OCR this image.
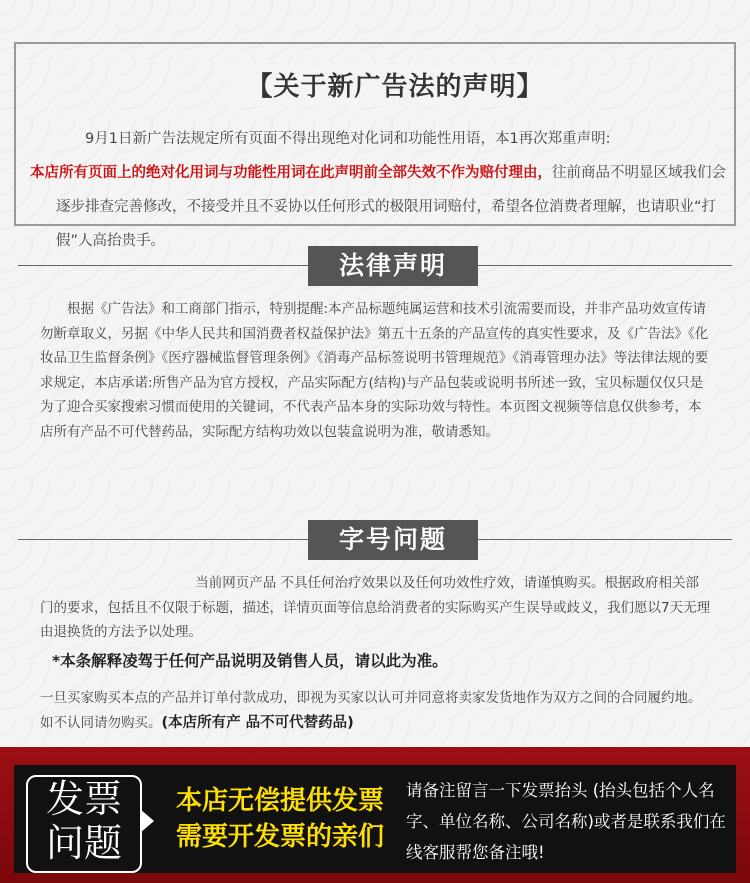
【关于新广告法的声明】
9月1日新广告法规定所有页面不得出现绝对化词和功能性用语，本1再次郑重声明:
本店所有页面上的绝对化用词与功能性用词在此声明前全部失效不作为赔付理由，往前商品不明显区域我们会逐步排查完善修改，不接受并且不妥协以任何形式的极限用词赔付，希望各位消费者理解，也请职业“打假”人高抬贵手。
法律声明
根据《广告法》和工商部门指示，特别提醒:本产品标题纯属运营和技术引流需要而设，并非产品功效宣传请勿断章取义，另据《中华人民共和国消费者权益保护法》第五十五条的产品宣传的真实性要求，及《广告法》《化妆品卫生监督条例》《医疗器械监督管理条例》《消毒产品标签说明书管理规范》《消毒管理办法》等法律法规的要求规定，本店承诺:所售产品为官方授权，产品实际配方(结构)与产品包装或说明书所述一致，宝贝标题仅仅只是为了迎合买家搜索习惯而使用的关键词，不代表产品本身的实际功效与特性。本页图文视频等信息仅供参考，本店所有产品不可代替药品，实际配方结构功效以包装盒说明为准，敬请悉知。
字号问题
当前网页产品 不具任何治疗效果以及任何功效性疗效，请谨慎购买。根据政府相关部门的要求，包括且不仅限于标题，描述，详情页面等信息给消费者的实际购买产生误导或歧义，我们愿以7天无理由退换货的方法予以处理。
*本条解释凌驾于任何产品说明及销售人员，请以此为准。
一旦买家购买本点的产品并订单付款成功，即视为买家以认可并同意将卖家发货地作为双方之间的合同履约地。如不认同请勿购买。(本店所有产 品不可代替药品)
发票
问题
本店无偿提供发票
需要开发票的亲们
请备注留言一下发票抬头 (抬头包括个人名字、单位名称、公司名称)或者是联系我们在线客服帮您备注哦!
